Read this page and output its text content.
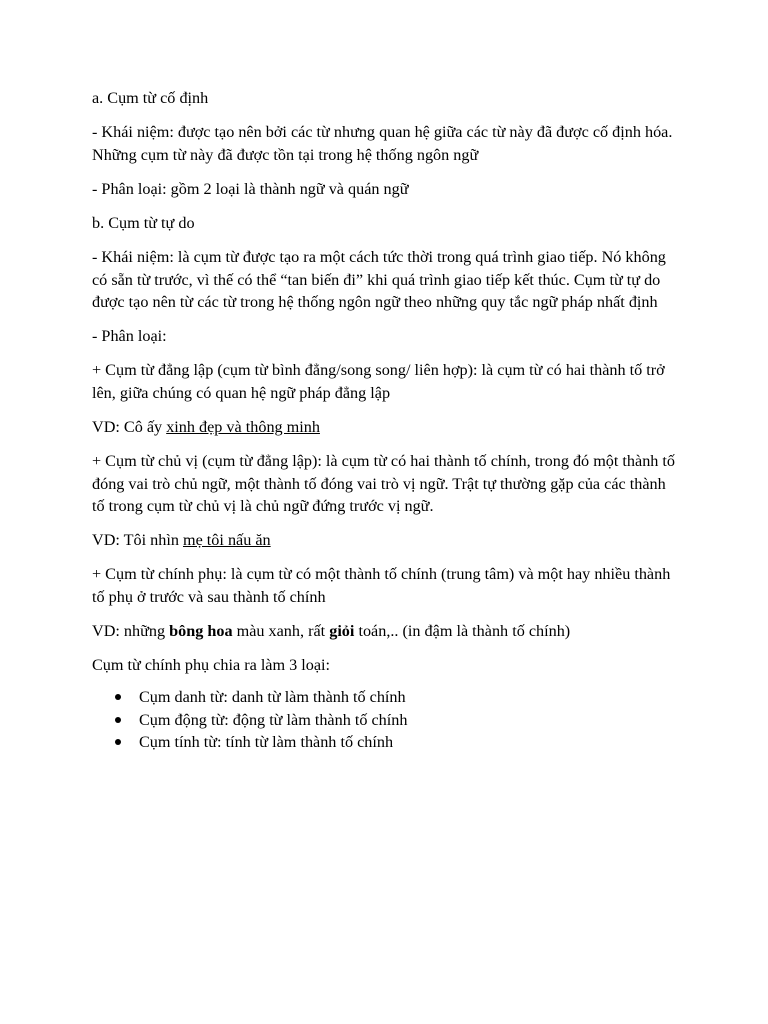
a. Cụm từ cố định

- Khái niệm: được tạo nên bởi các từ nhưng quan hệ giữa các từ này đã được cố định hóa. Những cụm từ này đã được tồn tại trong hệ thống ngôn ngữ

- Phân loại: gồm 2 loại là thành ngữ và quán ngữ

b. Cụm từ tự do

- Khái niệm: là cụm từ được tạo ra một cách tức thời trong quá trình giao tiếp. Nó không có sẵn từ trước, vì thế có thể “tan biến đi” khi quá trình giao tiếp kết thúc. Cụm từ tự do được tạo nên từ các từ trong hệ thống ngôn ngữ theo những quy tắc ngữ pháp nhất định

- Phân loại:

+ Cụm từ đẳng lập (cụm từ bình đẳng/song song/ liên hợp): là cụm từ có hai thành tố trở lên, giữa chúng có quan hệ ngữ pháp đẳng lập

VD: Cô ấy xinh đẹp và thông minh

+ Cụm từ chủ vị (cụm từ đẳng lập): là cụm từ có hai thành tố chính, trong đó một thành tố đóng vai trò chủ ngữ, một thành tố đóng vai trò vị ngữ. Trật tự thường gặp của các thành tố trong cụm từ chủ vị là chủ ngữ đứng trước vị ngữ.

VD: Tôi nhìn mẹ tôi nấu ăn

+ Cụm từ chính phụ: là cụm từ có một thành tố chính (trung tâm) và một hay nhiều thành tố phụ ở trước và sau thành tố chính

VD: những bông hoa màu xanh, rất giỏi toán,.. (in đậm là thành tố chính)

Cụm từ chính phụ chia ra làm 3 loại:

Cụm danh từ: danh từ làm thành tố chính
Cụm động từ: động từ làm thành tố chính
Cụm tính từ: tính từ làm thành tố chính
